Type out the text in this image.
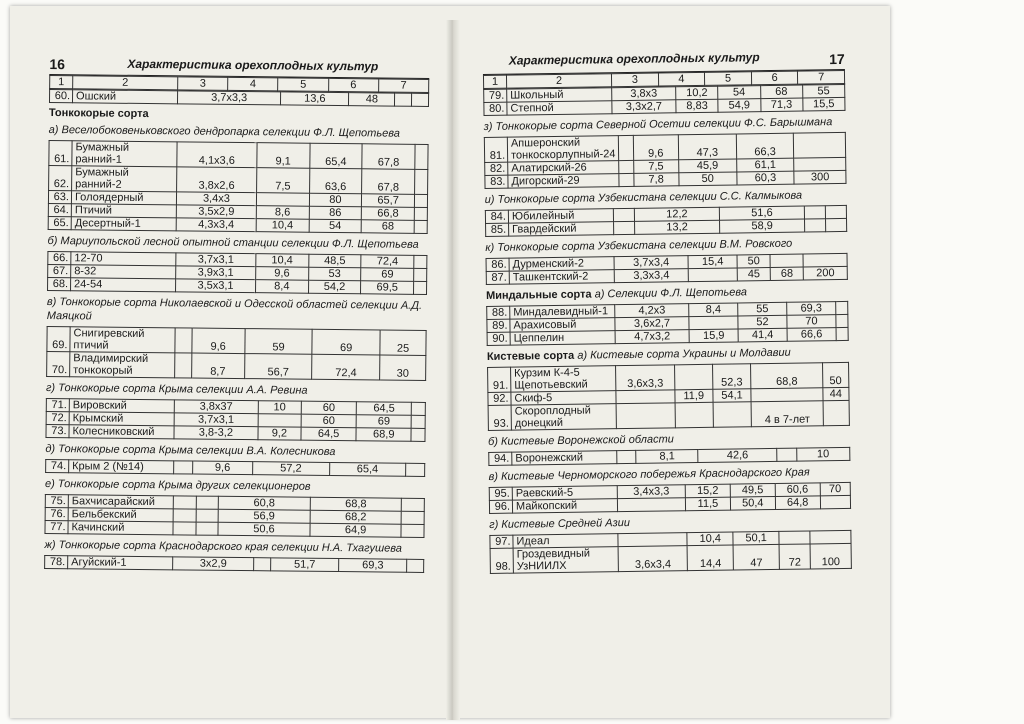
16	Характеристика орехоплодных культур
1	2	3	4	5	6	7
60.	Ошский	3,7х3,3	13,6	48		
Тонкокорые сорта
а) Веселобоковеньковского дендропарка селекции Ф.Л. Щепотьева
61.	Бумажный ранний-1	4,1х3,6	9,1	65,4	67,8	
62.	Бумажный ранний-2	3,8х2,6	7,5	63,6	67,8	
63.	Голоядерный	3,4х3		80	65,7	
64.	Птичий	3,5х2,9	8,6	86	66,8	
65.	Десертный-1	4,3х3,4	10,4	54	68	
б) Мариупольской лесной опытной станции селекции Ф.Л. Щепотьева
66.	12-70	3,7х3,1	10,4	48,5	72,4	
67.	8-32	3,9х3,1	9,6	53	69	
68.	24-54	3,5х3,1	8,4	54,2	69,5	
в) Тонкокорые сорта Николаевской и Одесской областей селекции А.Д. Маяцкой
69.	Снигиревский птичий		9,6	59	69	25
70.	Владимирский тонкокорый		8,7	56,7	72,4	30
г) Тонкокорые сорта Крыма селекции А.А. Ревина
71.	Вировский	3,8х37	10	60	64,5	
72.	Крымский	3,7х3,1		60	69	
73.	Колесниковский	3,8-3,2	9,2	64,5	68,9	
д) Тонкокорые сорта Крыма селекции В.А. Колесникова
74.	Крым 2 (№14)		9,6	57,2	65,4	
е) Тонкокорые сорта Крыма других селекционеров
75.	Бахчисарайский			60,8	68,8	
76.	Бельбекский			56,9	68,2	
77.	Качинский			50,6	64,9	
ж) Тонкокорые сорта Краснодарского края селекции Н.А. Тхагушева
78.	Агуйский-1	3х2,9		51,7	69,3	
Характеристика орехоплодных культур	17
1	2	3	4	5	6	7
79.	Школьный	3,8х3	10,2	54	68	55
80.	Степной	3,3х2,7	8,83	54,9	71,3	15,5
з) Тонкокорые сорта Северной Осетии селекции Ф.С. Барышмана
81.	Апшеронский тонкоскорлупный-24		9,6	47,3	66,3	
82.	Алатирский-26		7,5	45,9	61,1	
83.	Дигорский-29		7,8	50	60,3	300
и) Тонкокорые сорта Узбекистана селекции С.С. Калмыкова
84.	Юбилейный		12,2	51,6		
85.	Гвардейский		13,2	58,9		
к) Тонкокорые сорта Узбекистана селекции В.М. Ровского
86.	Дурменский-2	3,7х3,4	15,4	50		
87.	Ташкентский-2	3,3х3,4		45	68	200
Миндальные сорта а) Селекции Ф.Л. Щепотьева
88.	Миндалевидный-1	4,2х3	8,4	55	69,3	
89.	Арахисовый	3,6х2,7		52	70	
90.	Цеппелин	4,7х3,2	15,9	41,4	66,6	
Кистевые сорта а) Кистевые сорта Украины и Молдавии
91.	Курзим К-4-5 Щепотьевский	3,6х3,3		52,3	68,8	50
92.	Скиф-5		11,9	54,1		44
93.	Скороплодный донецкий				4 в 7-лет	
б) Кистевые Воронежской области
94.	Воронежский		8,1	42,6		10
в) Кистевые Черноморского побережья Краснодарского Края
95.	Раевский-5	3,4х3,3	15,2	49,5	60,6	70
96.	Майкопский		11,5	50,4	64,8	
г) Кистевые Средней Азии
97.	Идеал		10,4	50,1		
98.	Гроздевидный УзНИИЛХ	3,6х3,4	14,4	47	72	100
